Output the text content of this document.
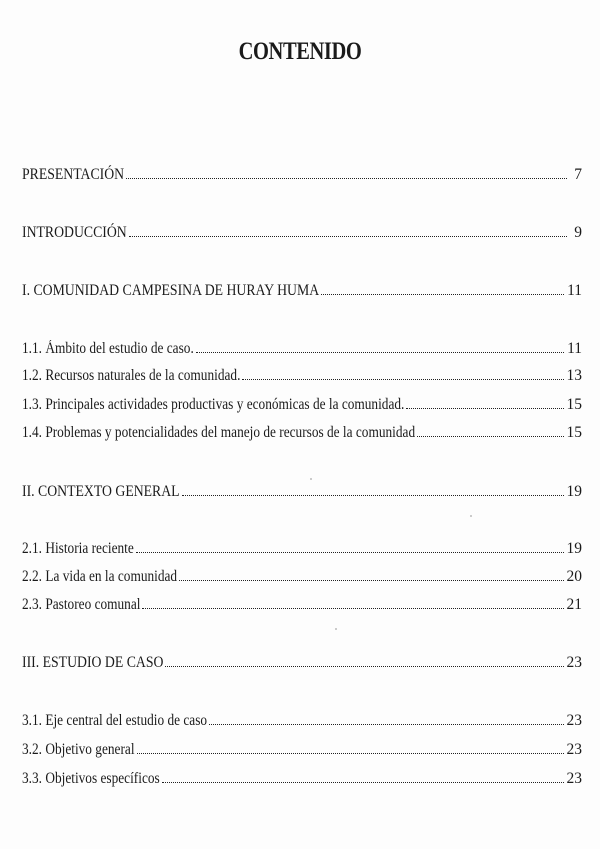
CONTENIDO
PRESENTACIÓN	7
INTRODUCCIÓN	9
I. COMUNIDAD CAMPESINA DE HURAY HUMA	11
1.1. Ámbito del estudio de caso.	11
1.2. Recursos naturales de la comunidad.	13
1.3. Principales actividades productivas y económicas de la comunidad.	15
1.4. Problemas y potencialidades del manejo de recursos de la comunidad	15
II. CONTEXTO GENERAL	19
2.1. Historia reciente	19
2.2. La vida en la comunidad	20
2.3. Pastoreo comunal	21
III. ESTUDIO DE CASO	23
3.1. Eje central del estudio de caso	23
3.2. Objetivo general	23
3.3. Objetivos específicos	23
